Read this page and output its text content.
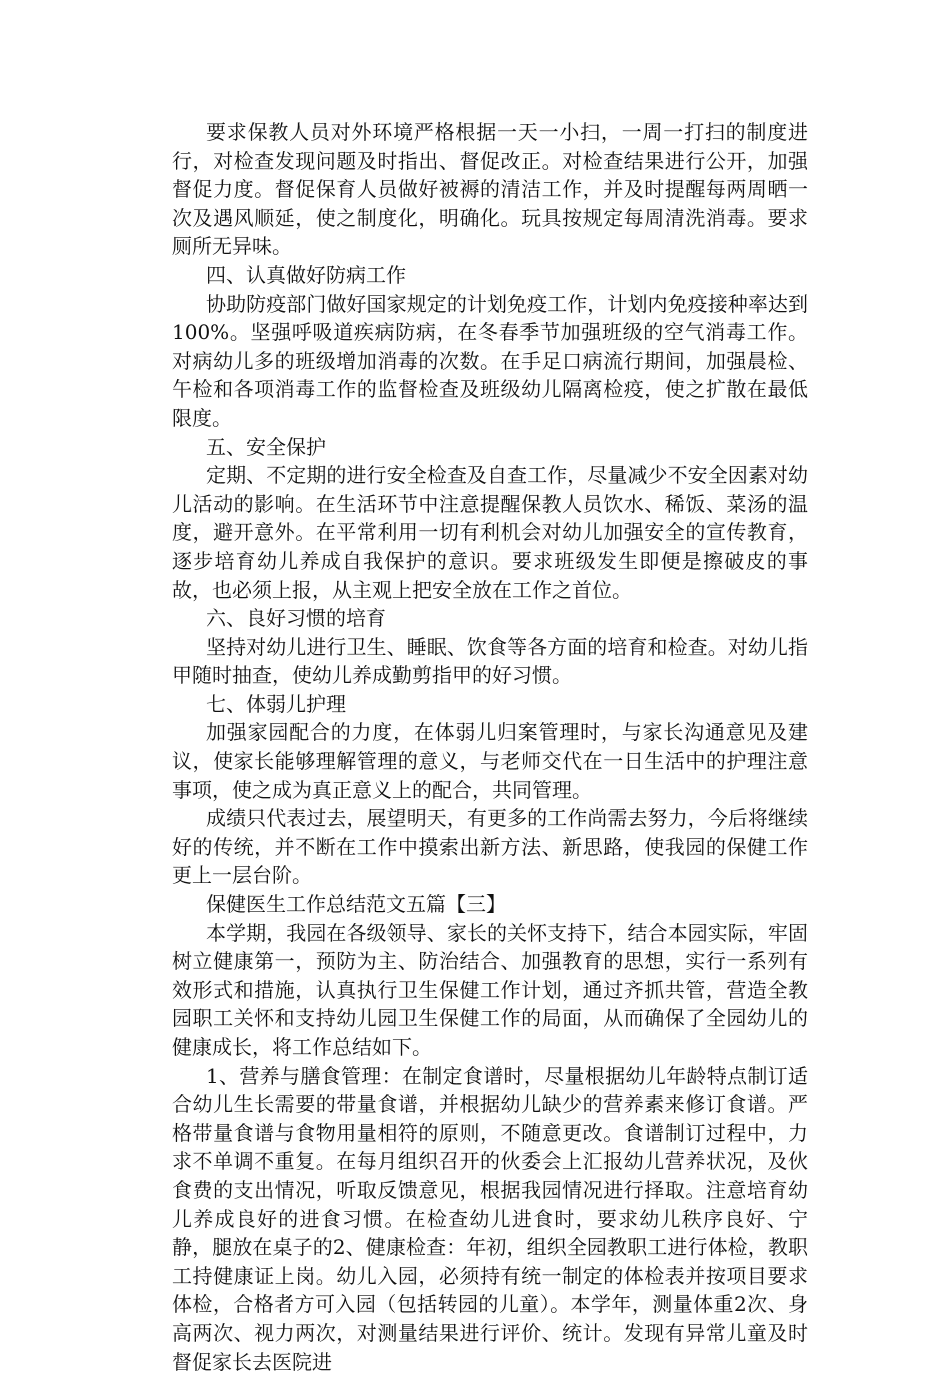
要求保教人员对外环境严格根据一天一小扫，一周一打扫的制度进行，对检查发现问题及时指出、督促改正。对检查结果进行公开，加强督促力度。督促保育人员做好被褥的清洁工作，并及时提醒每两周晒一次及遇风顺延，使之制度化，明确化。玩具按规定每周清洗消毒。要求厕所无异味。

四、认真做好防病工作

协助防疫部门做好国家规定的计划免疫工作，计划内免疫接种率达到100%。坚强呼吸道疾病防病，在冬春季节加强班级的空气消毒工作。对病幼儿多的班级增加消毒的次数。在手足口病流行期间，加强晨检、午检和各项消毒工作的监督检查及班级幼儿隔离检疫，使之扩散在最低限度。

五、安全保护

定期、不定期的进行安全检查及自查工作，尽量减少不安全因素对幼儿活动的影响。在生活环节中注意提醒保教人员饮水、稀饭、菜汤的温度，避开意外。在平常利用一切有利机会对幼儿加强安全的宣传教育，逐步培育幼儿养成自我保护的意识。要求班级发生即便是擦破皮的事故，也必须上报，从主观上把安全放在工作之首位。

六、良好习惯的培育

坚持对幼儿进行卫生、睡眠、饮食等各方面的培育和检查。对幼儿指甲随时抽查，使幼儿养成勤剪指甲的好习惯。

七、体弱儿护理

加强家园配合的力度，在体弱儿归案管理时，与家长沟通意见及建议，使家长能够理解管理的意义，与老师交代在一日生活中的护理注意事项，使之成为真正意义上的配合，共同管理。

成绩只代表过去，展望明天，有更多的工作尚需去努力，今后将继续好的传统，并不断在工作中摸索出新方法、新思路，使我园的保健工作更上一层台阶。

保健医生工作总结范文五篇【三】

本学期，我园在各级领导、家长的关怀支持下，结合本园实际，牢固树立健康第一，预防为主、防治结合、加强教育的思想，实行一系列有效形式和措施，认真执行卫生保健工作计划，通过齐抓共管，营造全教园职工关怀和支持幼儿园卫生保健工作的局面，从而确保了全园幼儿的健康成长，将工作总结如下。

1、营养与膳食管理：在制定食谱时，尽量根据幼儿年龄特点制订适合幼儿生长需要的带量食谱，并根据幼儿缺少的营养素来修订食谱。严格带量食谱与食物用量相符的原则，不随意更改。食谱制订过程中，力求不单调不重复。在每月组织召开的伙委会上汇报幼儿营养状况，及伙食费的支出情况，听取反馈意见，根据我园情况进行择取。注意培育幼儿养成良好的进食习惯。在检查幼儿进食时，要求幼儿秩序良好、宁静，腿放在桌子的2、健康检查：年初，组织全园教职工进行体检，教职工持健康证上岗。幼儿入园，必须持有统一制定的体检表并按项目要求体检，合格者方可入园（包括转园的儿童）。本学年，测量体重2次、身高两次、视力两次，对测量结果进行评价、统计。发现有异常儿童及时督促家长去医院进
